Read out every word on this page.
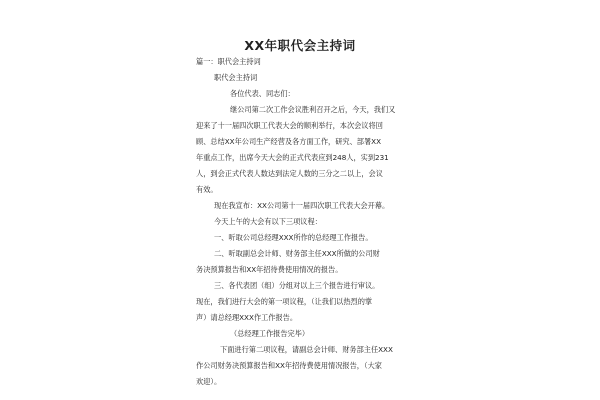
XX年职代会主持词
篇一：职代会主持词
职代会主持词
各位代表、同志们：
继公司第二次工作会议胜利召开之后，今天，我们又
迎来了十一届四次职工代表大会的顺利举行，本次会议将回
顾、总结XX年公司生产经营及各方面工作，研究、部署XX
年重点工作，出席今天大会的正式代表应到248人，实到231
人，到会正式代表人数达到法定人数的三分之二以上，会议
有效。
现在我宣布：XX公司第十一届四次职工代表大会开幕。
今天上午的大会有以下三项议程：
一、听取公司总经理XXX所作的总经理工作报告。
二、听取副总会计师、财务部主任XXX所做的公司财
务决预算报告和XX年招待费使用情况的报告。
三、各代表团（组）分组对以上三个报告进行审议。
现在，我们进行大会的第一项议程，（让我们以热烈的掌
声）请总经理XXX作工作报告。
（总经理工作报告完毕）
下面进行第二项议程，请副总会计师、财务部主任XXX
作公司财务决预算报告和XX年招待费使用情况报告，（大家
欢迎）。
